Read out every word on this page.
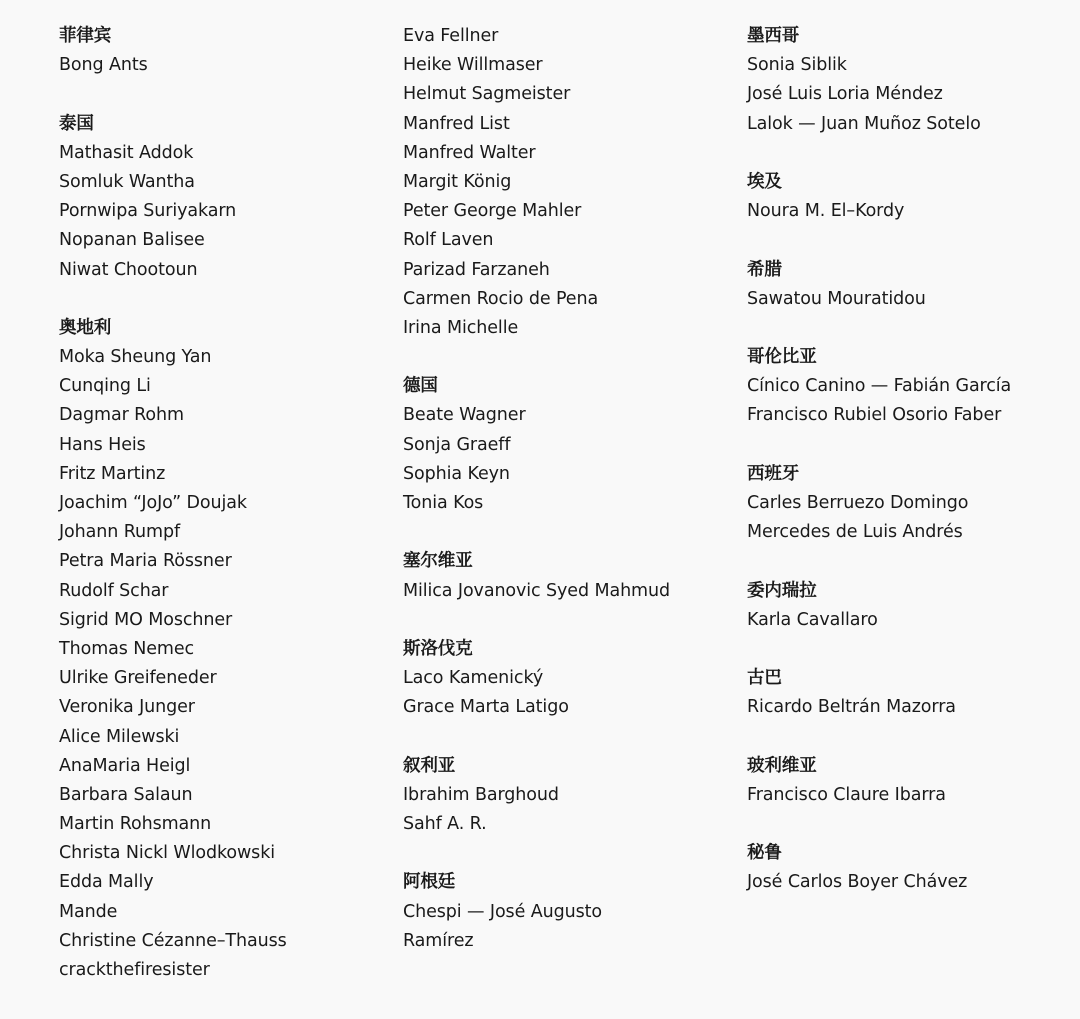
菲律宾
Bong Ants
泰国
Mathasit Addok
Somluk Wantha
Pornwipa Suriyakarn
Nopanan Balisee
Niwat Chootoun
奥地利
Moka Sheung Yan
Cunqing Li
Dagmar Rohm
Hans Heis
Fritz Martinz
Joachim “JoJo” Doujak
Johann Rumpf
Petra Maria Rössner
Rudolf Schar
Sigrid MO Moschner
Thomas Nemec
Ulrike Greifeneder
Veronika Junger
Alice Milewski
AnaMaria Heigl
Barbara Salaun
Martin Rohsmann
Christa Nickl Wlodkowski
Edda Mally
Mande
Christine Cézanne–Thauss
crackthefiresister
Eva Fellner
Heike Willmaser
Helmut Sagmeister
Manfred List
Manfred Walter
Margit König
Peter George Mahler
Rolf Laven
Parizad Farzaneh
Carmen Rocio de Pena
Irina Michelle
德国
Beate Wagner
Sonja Graeff
Sophia Keyn
Tonia Kos
塞尔维亚
Milica Jovanovic Syed Mahmud
斯洛伐克
Laco Kamenický
Grace Marta Latigo
叙利亚
Ibrahim Barghoud
Sahf A. R.
阿根廷
Chespi — José Augusto
Ramírez
墨西哥
Sonia Siblik
José Luis Loria Méndez
Lalok — Juan Muñoz Sotelo
埃及
Noura M. El–Kordy
希腊
Sawatou Mouratidou
哥伦比亚
Cínico Canino — Fabián García
Francisco Rubiel Osorio Faber
西班牙
Carles Berruezo Domingo
Mercedes de Luis Andrés
委内瑞拉
Karla Cavallaro
古巴
Ricardo Beltrán Mazorra
玻利维亚
Francisco Claure Ibarra
秘鲁
José Carlos Boyer Chávez
